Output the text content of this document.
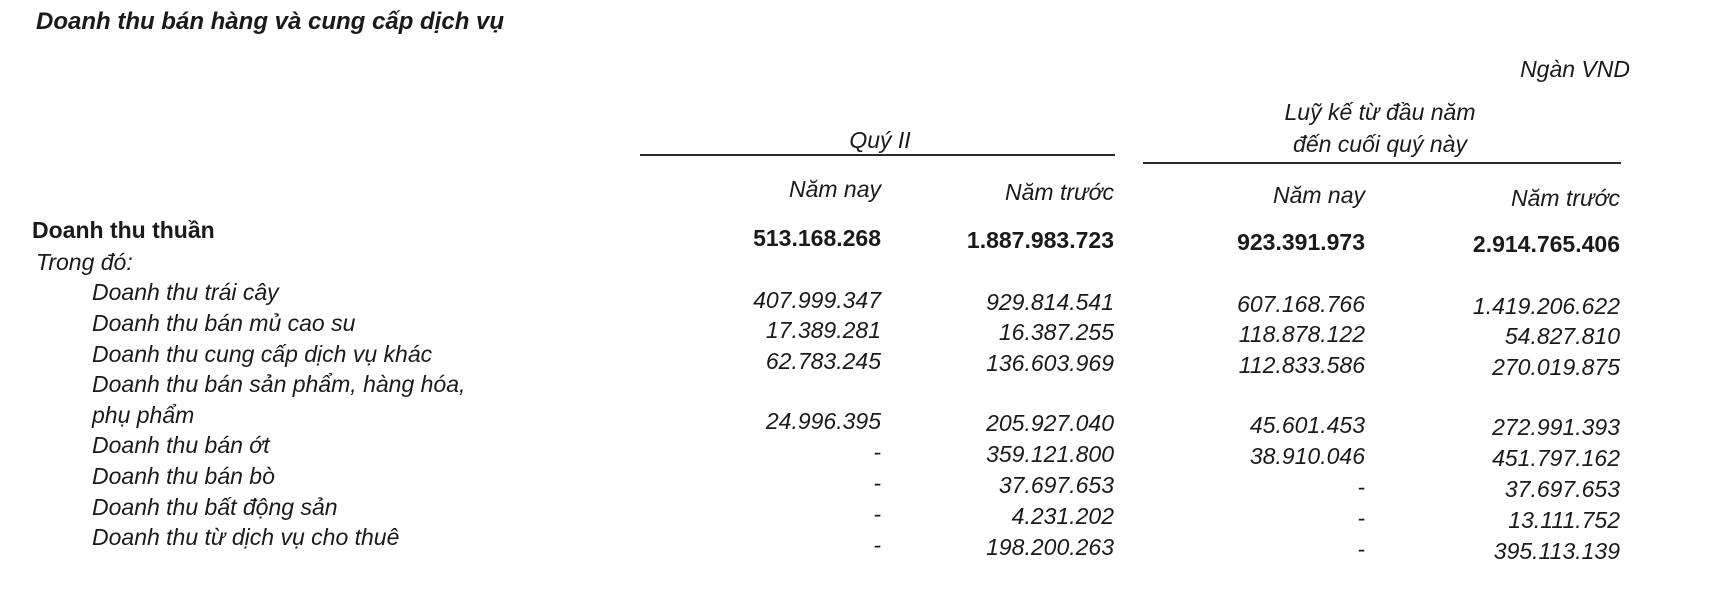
Doanh thu bán hàng và cung cấp dịch vụ
Ngàn VND
Quý II
Luỹ kế từ đầu năm
đến cuối quý này
Năm nay	Năm trước	Năm nay	Năm trước
Doanh thu thuần	513.168.268	1.887.983.723	923.391.973	2.914.765.406
Trong đó:
Doanh thu trái cây	407.999.347	929.814.541	607.168.766	1.419.206.622
Doanh thu bán mủ cao su	17.389.281	16.387.255	118.878.122	54.827.810
Doanh thu cung cấp dịch vụ khác	62.783.245	136.603.969	112.833.586	270.019.875
Doanh thu bán sản phẩm, hàng hóa,
phụ phẩm	24.996.395	205.927.040	45.601.453	272.991.393
Doanh thu bán ớt	-	359.121.800	38.910.046	451.797.162
Doanh thu bán bò	-	37.697.653	-	37.697.653
Doanh thu bất động sản	-	4.231.202	-	13.111.752
Doanh thu từ dịch vụ cho thuê	-	198.200.263	-	395.113.139
